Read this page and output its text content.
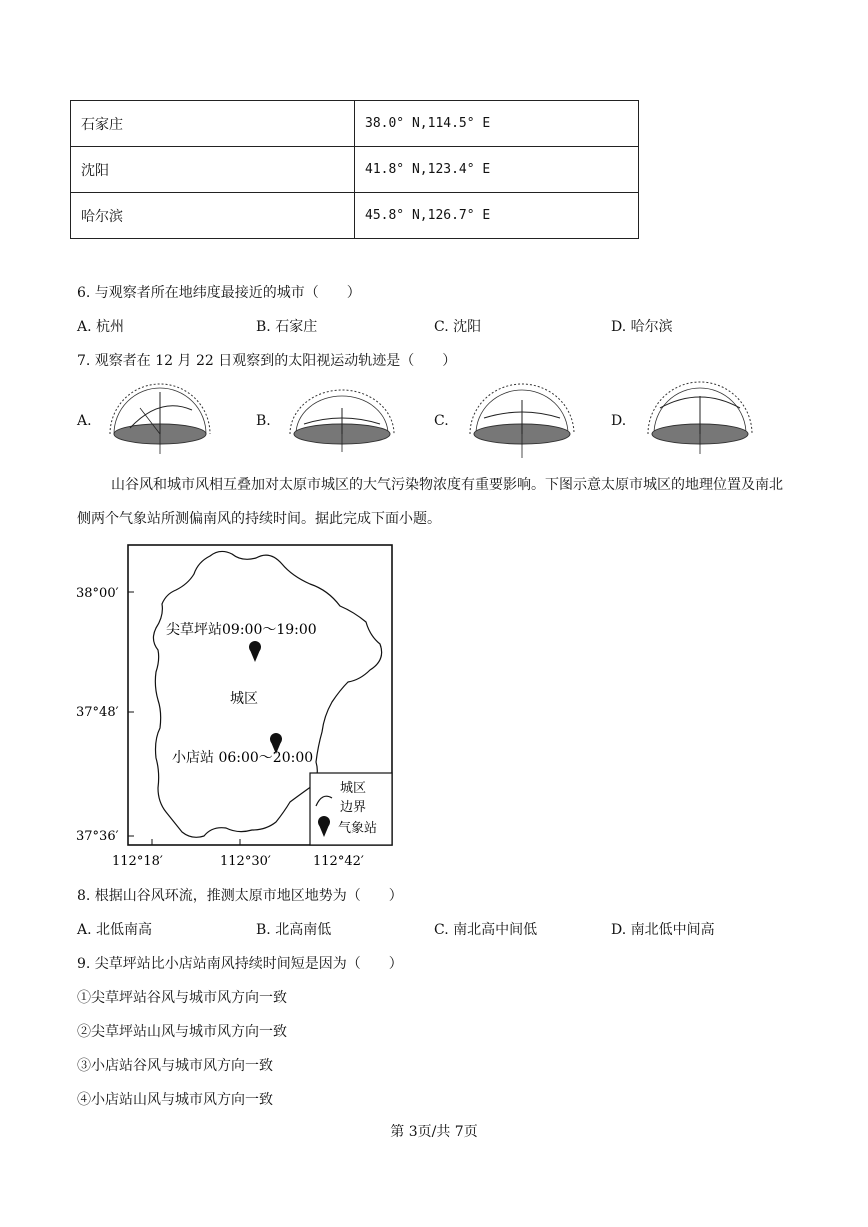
石家庄	38.0° N,114.5° E
沈阳	41.8° N,123.4° E
哈尔滨	45.8° N,126.7° E
6. 与观察者所在地纬度最接近的城市（　　）
A. 杭州	B. 石家庄	C. 沈阳	D. 哈尔滨
7. 观察者在 12 月 22 日观察到的太阳视运动轨迹是（　　）
A.	B.	C.	D.
山谷风和城市风相互叠加对太原市城区的大气污染物浓度有重要影响。下图示意太原市城区的地理位置及南北侧两个气象站所测偏南风的持续时间。据此完成下面小题。
38°00′
37°48′
37°36′
112°18′	112°30′	112°42′
尖草坪站09:00～19:00
城区
小店站 06:00～20:00
城区
边界
气象站
8. 根据山谷风环流，推测太原市地区地势为（　　）
A. 北低南高	B. 北高南低	C. 南北高中间低	D. 南北低中间高
9. 尖草坪站比小店站南风持续时间短是因为（　　）
①尖草坪站谷风与城市风方向一致
②尖草坪站山风与城市风方向一致
③小店站谷风与城市风方向一致
④小店站山风与城市风方向一致
第 3页/共 7页
